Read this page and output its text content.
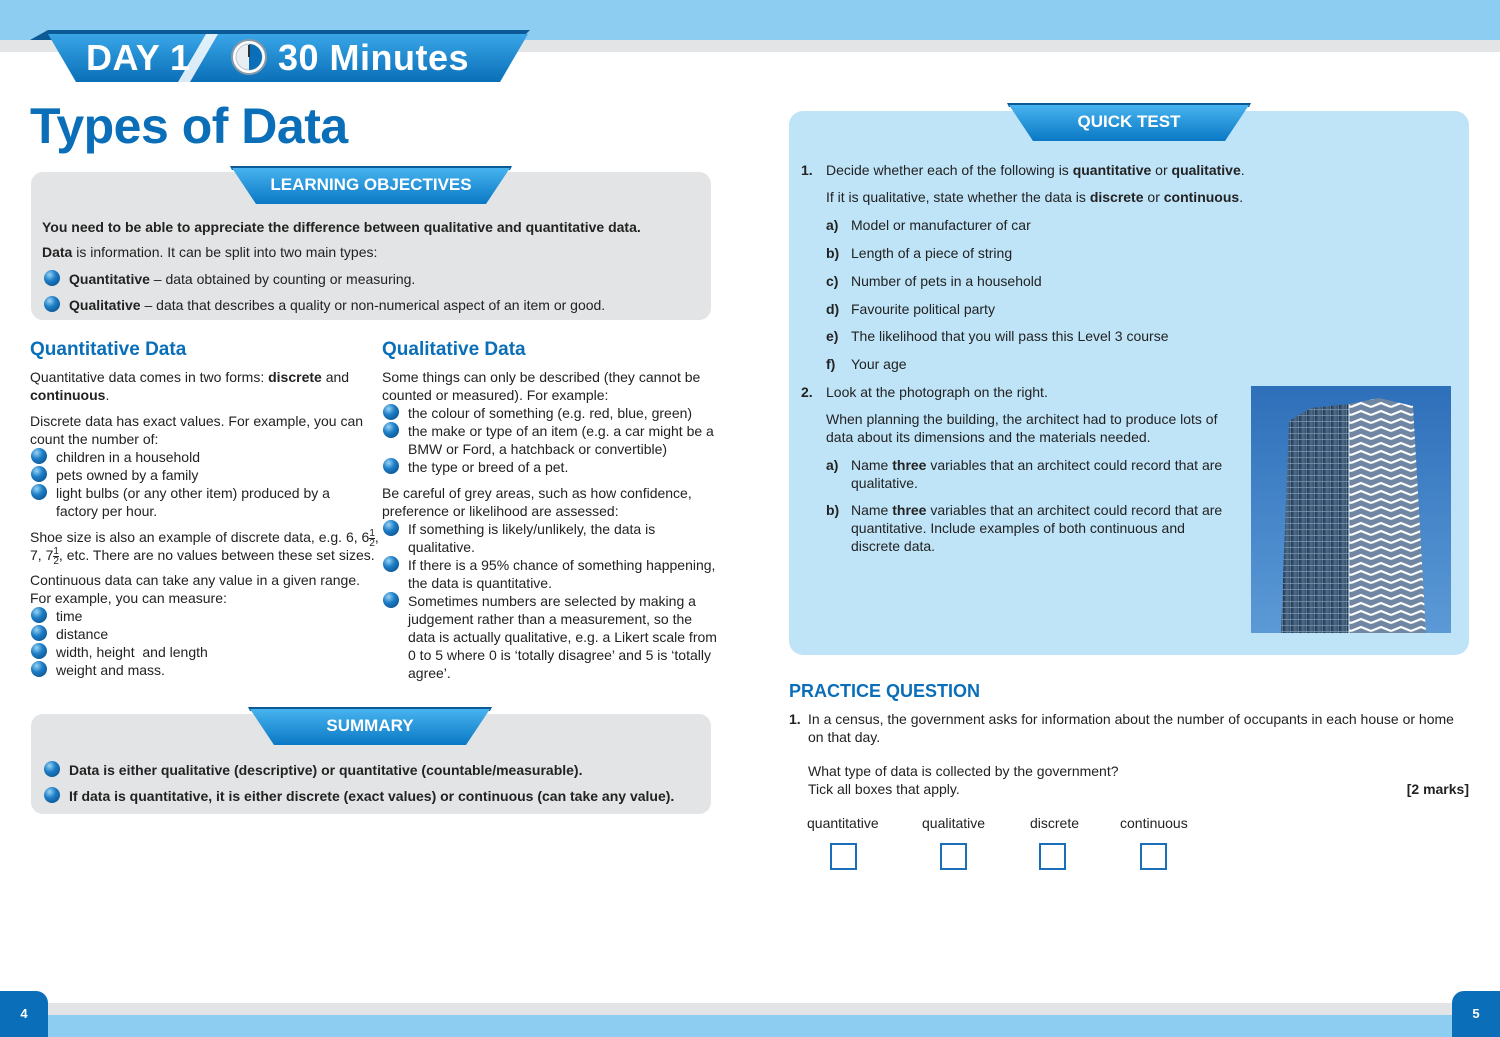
4	5
DAY 1 30 Minutes
Types of Data
LEARNING OBJECTIVES
You need to be able to appreciate the difference between qualitative and quantitative data.
Data is information. It can be split into two main types:
Quantitative – data obtained by counting or measuring.
Qualitative – data that describes a quality or non-numerical aspect of an item or good.
Quantitative Data
Quantitative data comes in two forms: discrete and
continuous.
Discrete data has exact values. For example, you can
count the number of:
children in a household
pets owned by a family
light bulbs (or any other item) produced by a
factory per hour.
Shoe size is also an example of discrete data, e.g. 6, $6 \frac{1}{2}$ ,
7, $7 \frac{1}{2}$ , etc. There are no values between these set sizes.
Continuous data can take any value in a given range.
For example, you can measure:
time
distance
width, height  and length
weight and mass.
Qualitative Data
Some things can only be described (they cannot be
counted or measured). For example:
the colour of something (e.g. red, blue, green)
the make or type of an item (e.g. a car might be a
BMW or Ford, a hatchback or convertible)
the type or breed of a pet.
Be careful of grey areas, such as how confidence,
preference or likelihood are assessed:
If something is likely/unlikely, the data is
qualitative.
If there is a 95% chance of something happening,
the data is quantitative.
Sometimes numbers are selected by making a
judgement rather than a measurement, so the
data is actually qualitative, e.g. a Likert scale from
0 to 5 where 0 is ‘totally disagree’ and 5 is ‘totally
agree’.
SUMMARY
Data is either qualitative (descriptive) or quantitative (countable/measurable).
If data is quantitative, it is either discrete (exact values) or continuous (can take any value).
QUICK TEST
1. Decide whether each of the following is quantitative or qualitative.
If it is qualitative, state whether the data is discrete or continuous.
a) Model or manufacturer of car
b) Length of a piece of string
c) Number of pets in a household
d) Favourite political party
e) The likelihood that you will pass this Level 3 course
f) Your age
2. Look at the photograph on the right.
When planning the building, the architect had to produce lots of
data about its dimensions and the materials needed.
a) Name three variables that an architect could record that are
qualitative.
b) Name three variables that an architect could record that are
quantitative. Include examples of both continuous and
discrete data.
PRACTICE QUESTION
1. In a census, the government asks for information about the number of occupants in each house or home
on that day.
What type of data is collected by the government?
Tick all boxes that apply.	[2 marks]
quantitative	qualitative	discrete	continuous
